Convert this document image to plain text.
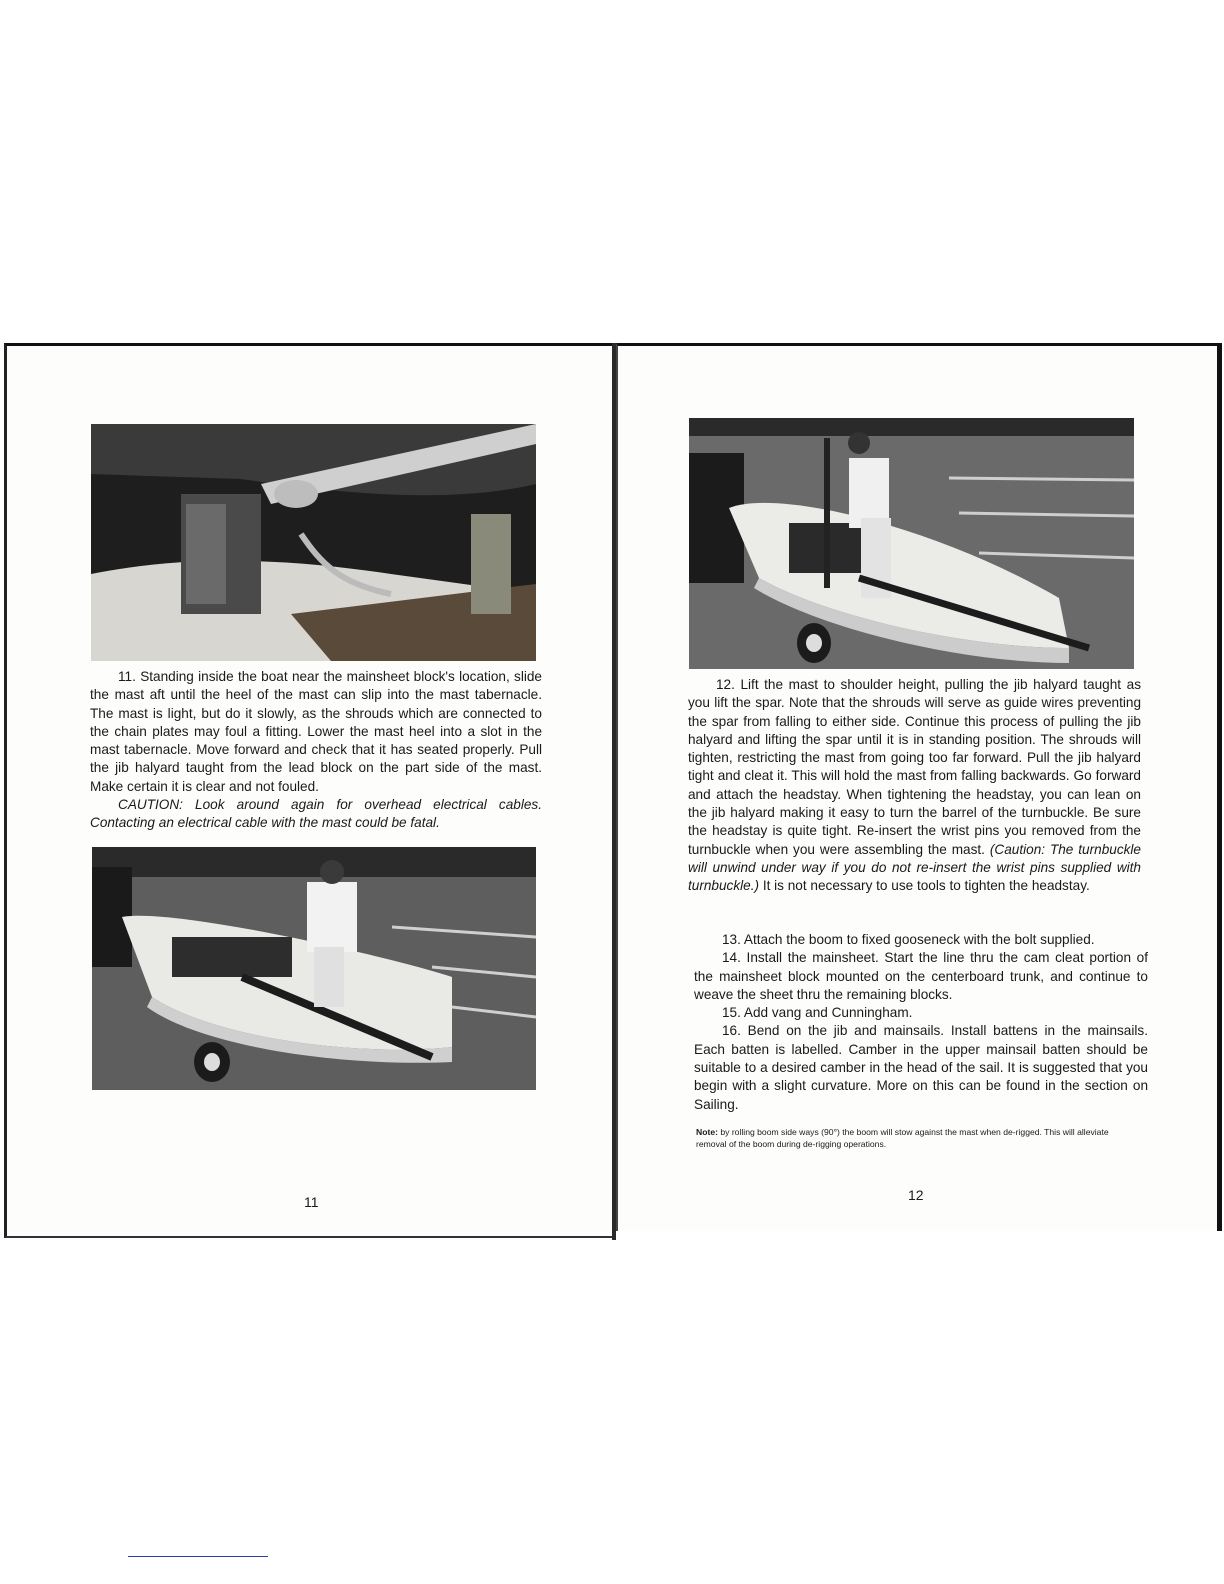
11. Standing inside the boat near the mainsheet block's location, slide the mast aft until the heel of the mast can slip into the mast tabernacle. The mast is light, but do it slowly, as the shrouds which are connected to the chain plates may foul a fitting. Lower the mast heel into a slot in the mast tabernacle. Move forward and check that it has seated properly. Pull the jib halyard taught from the lead block on the part side of the mast. Make certain it is clear and not fouled.

CAUTION: Look around again for overhead electrical cables. Contacting an electrical cable with the mast could be fatal.

11

12. Lift the mast to shoulder height, pulling the jib halyard taught as you lift the spar. Note that the shrouds will serve as guide wires preventing the spar from falling to either side. Continue this process of pulling the jib halyard and lifting the spar until it is in standing position. The shrouds will tighten, restricting the mast from going too far forward. Pull the jib halyard tight and cleat it. This will hold the mast from falling backwards. Go forward and attach the headstay. When tightening the headstay, you can lean on the jib halyard making it easy to turn the barrel of the turnbuckle. Be sure the headstay is quite tight. Re-insert the wrist pins you removed from the turnbuckle when you were assembling the mast. (Caution: The turnbuckle will unwind under way if you do not re-insert the wrist pins supplied with turnbuckle.) It is not necessary to use tools to tighten the headstay.

13. Attach the boom to fixed gooseneck with the bolt supplied.

14. Install the mainsheet. Start the line thru the cam cleat portion of the mainsheet block mounted on the centerboard trunk, and continue to weave the sheet thru the remaining blocks.

15. Add vang and Cunningham.

16. Bend on the jib and mainsails. Install battens in the mainsails. Each batten is labelled. Camber in the upper mainsail batten should be suitable to a desired camber in the head of the sail. It is suggested that you begin with a slight curvature. More on this can be found in the section on Sailing.

Note: by rolling boom side ways (90°) the boom will stow against the mast when de-rigged. This will alleviate removal of the boom during de-rigging operations.
12
